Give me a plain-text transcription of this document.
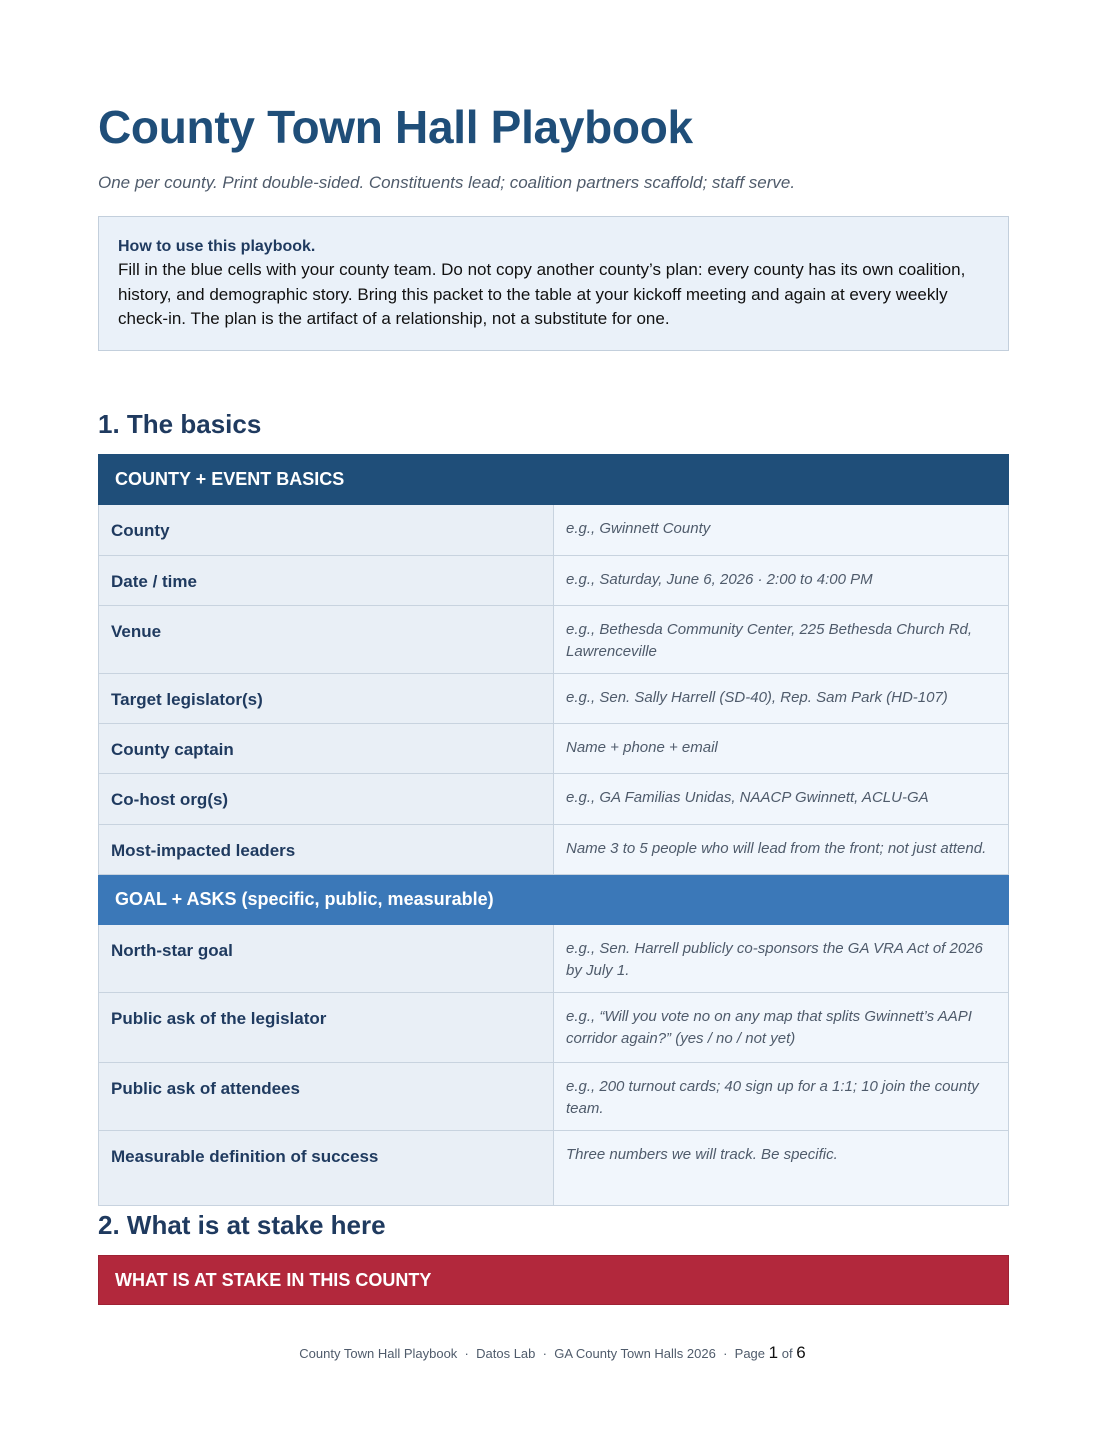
County Town Hall Playbook

One per county. Print double-sided. Constituents lead; coalition partners scaffold; staff serve.

How to use this playbook.
Fill in the blue cells with your county team. Do not copy another county’s plan: every county has its own coalition, history, and demographic story. Bring this packet to the table at your kickoff meeting and again at every weekly check-in. The plan is the artifact of a relationship, not a substitute for one.
1. The basics
COUNTY + EVENT BASICS	
County	e.g., Gwinnett County
Date / time	e.g., Saturday, June 6, 2026 · 2:00 to 4:00 PM
Venue	e.g., Bethesda Community Center, 225 Bethesda Church Rd, Lawrenceville
Target legislator(s)	e.g., Sen. Sally Harrell (SD-40), Rep. Sam Park (HD-107)
County captain	Name + phone + email
Co-host org(s)	e.g., GA Familias Unidas, NAACP Gwinnett, ACLU-GA
Most-impacted leaders	Name 3 to 5 people who will lead from the front; not just attend.
GOAL + ASKS (specific, public, measurable)	
North-star goal	e.g., Sen. Harrell publicly co-sponsors the GA VRA Act of 2026 by July 1.
Public ask of the legislator	e.g., “Will you vote no on any map that splits Gwinnett’s AAPI corridor again?” (yes / no / not yet)
Public ask of attendees	e.g., 200 turnout cards; 40 sign up for a 1:1; 10 join the county team.
Measurable definition of success	Three numbers we will track. Be specific.
2. What is at stake here
WHAT IS AT STAKE IN THIS COUNTY
County Town Hall Playbook · Datos Lab · GA County Town Halls 2026 · Page 1 of 6
